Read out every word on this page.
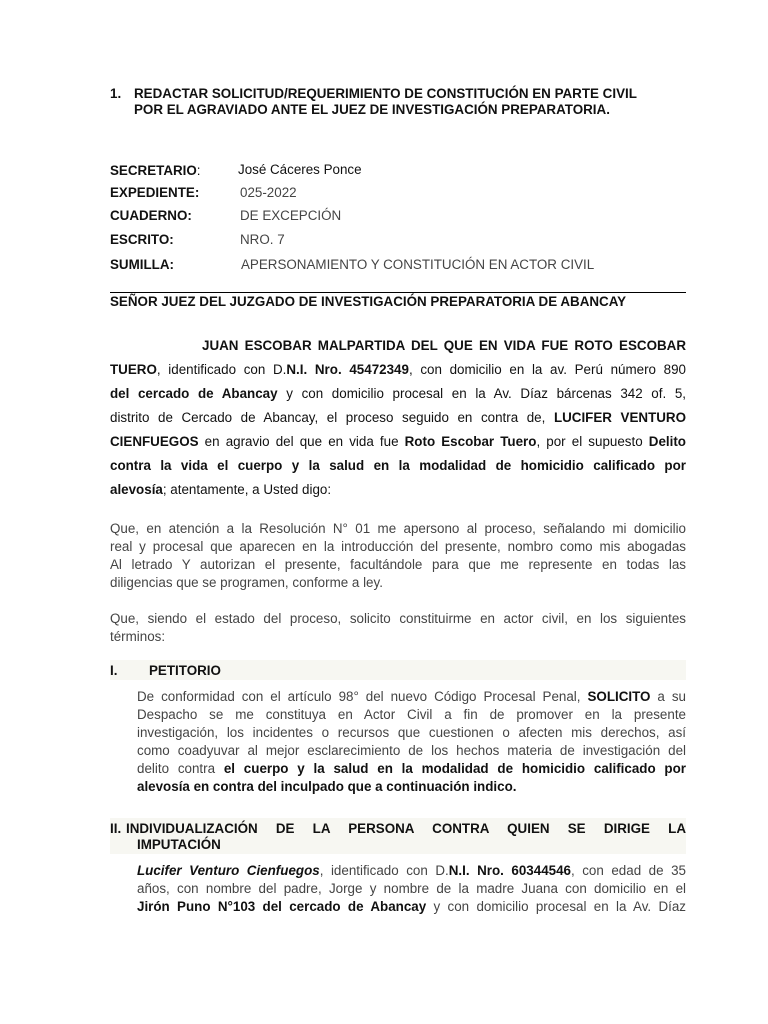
1. REDACTAR SOLICITUD/REQUERIMIENTO DE CONSTITUCIÓN EN PARTE CIVIL
POR EL AGRAVIADO ANTE EL JUEZ DE INVESTIGACIÓN PREPARATORIA.
SECRETARIO:	José Cáceres Ponce
EXPEDIENTE:	025-2022
CUADERNO:	DE EXCEPCIÓN
ESCRITO:	NRO. 7
SUMILLA:	APERSONAMIENTO Y CONSTITUCIÓN EN ACTOR CIVIL
SEÑOR JUEZ DEL JUZGADO DE INVESTIGACIÓN PREPARATORIA DE ABANCAY
JUAN ESCOBAR MALPARTIDA DEL QUE EN VIDA FUE ROTO ESCOBAR
TUERO, identificado con D.N.I. Nro. 45472349, con domicilio en la av. Perú número 890
del cercado de Abancay y con domicilio procesal en la Av. Díaz bárcenas 342 of. 5,
distrito de Cercado de Abancay, el proceso seguido en contra de, LUCIFER VENTURO
CIENFUEGOS en agravio del que en vida fue Roto Escobar Tuero, por el supuesto Delito
contra la vida el cuerpo y la salud en la modalidad de homicidio calificado por
alevosía; atentamente, a Usted digo:
Que, en atención a la Resolución N° 01 me apersono al proceso, señalando mi domicilio
real y procesal que aparecen en la introducción del presente, nombro como mis abogadas
Al letrado Y autorizan el presente, facultándole para que me represente en todas las
diligencias que se programen, conforme a ley.
Que, siendo el estado del proceso, solicito constituirme en actor civil, en los siguientes
términos:
I. PETITORIO
De conformidad con el artículo 98° del nuevo Código Procesal Penal, SOLICITO a su
Despacho se me constituya en Actor Civil a fin de promover en la presente
investigación, los incidentes o recursos que cuestionen o afecten mis derechos, así
como coadyuvar al mejor esclarecimiento de los hechos materia de investigación del
delito contra el cuerpo y la salud en la modalidad de homicidio calificado por
alevosía en contra del inculpado que a continuación indico.
II. INDIVIDUALIZACIÓN DE LA PERSONA CONTRA QUIEN SE DIRIGE LA
IMPUTACIÓN
Lucifer Venturo Cienfuegos, identificado con D.N.I. Nro. 60344546, con edad de 35
años, con nombre del padre, Jorge y nombre de la madre Juana con domicilio en el
Jirón Puno N°103 del cercado de Abancay y con domicilio procesal en la Av. Díaz
